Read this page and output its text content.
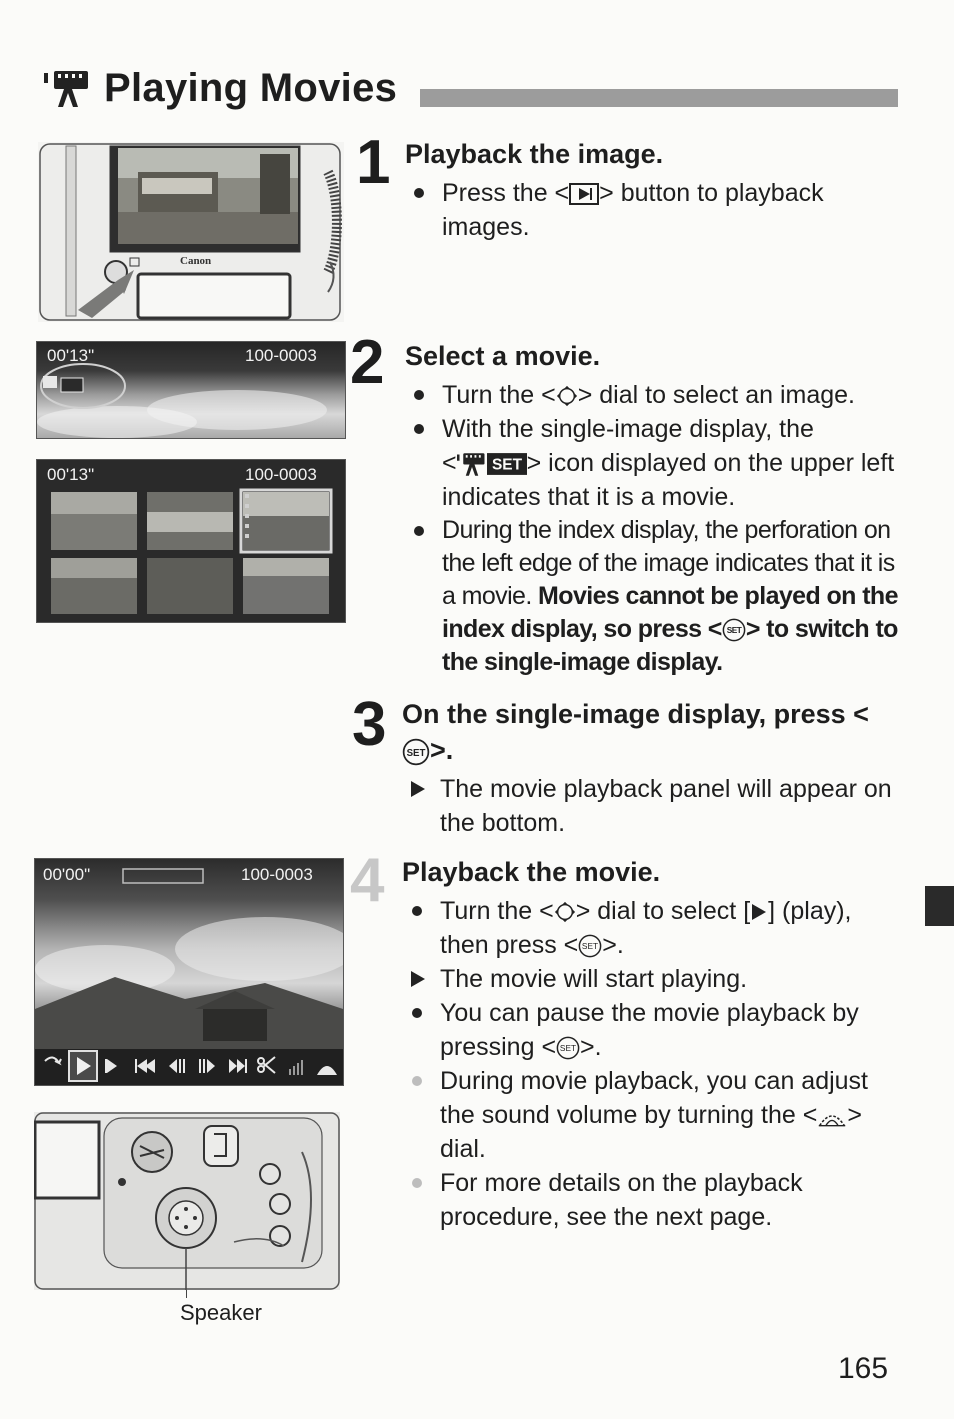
Playing Movies
Canon
1 Playback the image.
Press the < > button to playback images.
00'13"	100-0003
00'13"	100-0003
2 Select a movie.
Turn the < > dial to select an image.
With the single-image display, the
<	> icon displayed on the upper left indicates that it is a movie.
During the index display, the perforation on the left edge of the image indicates that it is a movie. Movies cannot be played on the index display, so press < > to switch to the single-image display.
3 On the single-image display, press <>.
The movie playback panel will appear on the bottom.
00'00"	100-0003
Speaker
4 Playback the movie.
Turn the < > dial to select [ ] (play), then press < >.
The movie will start playing.
You can pause the movie playback by pressing < >.
During movie playback, you can adjust the sound volume by turning the < > dial.
For more details on the playback procedure, see the next page.
165
